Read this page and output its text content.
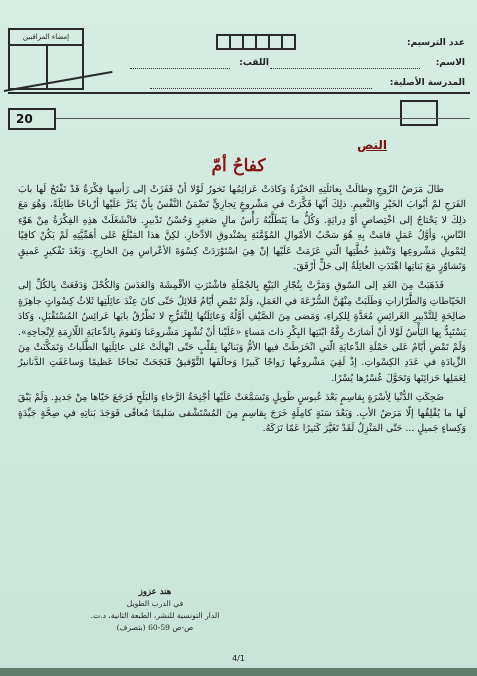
إمضاء المراقبين
عدد الترسيم:
الاسم:
اللقب:
المدرسة الأصلية:
20
النص
كفاحُ أمّ

طالَ مَرَضُ الزّوجِ وطالَتْ بِعائلَتِهِ الحَيْرَةُ وَكادَتْ عَزائِمُها تَخورُ لَوْلا أنْ قَفَزَتْ إلى رَأسِها فِكْرَةٌ قَدْ تَفْتَحُ لَها بابَ الفَرَجِ لمْ أبْوابَ الخَيْرِ وَالنَّعيمِ. ذلِكَ أنّها فَكَّرَتْ في مَشْروعٍ تِجارِيٍّ تَضْمَنُ النَّفْسُ بِأنْ يَدُرَّ عَلَيْها أرْباحًا طائِلَةً، وَهُوَ مَعَ ذلِكَ لا يَحْتاجُ إلى اخْتِصاصٍ أوْ دِرايَةٍ. وَكُلُّ ما يَتَطَلَّبُهُ رَأْسُ مالٍ صَغيرٍ وَحُسْنُ تَدْبيرٍ. فانْشَغَلَتْ هذِهِ الفِكْرَةُ مِنْ هَوْءِ النّاسِ، وَأوَّلُ عَمَلٍ قامَتْ بِهِ هُوَ سَحْبُ الأمْوالِ المُؤَمَّنَةِ بِصُنْدوقِ الادِّخارِ. لكِنَّ هذا المَبْلَغَ عَلى أهَمِّيَّتِهِ لَمْ يَكُنْ كافِيًا لِتَمْويلِ مَشْروعِها وَتَنْفيذِ خُطَّتِها الّتي عَزَمَتْ عَلَيْها إنْ هِيَ اسْتَوْرَدَتْ كِسْوَةَ الأعْراسِ مِنَ الخارِجِ. وَبَعْدَ تَفْكيرٍ عَميقٍ وَتَشاوُرٍ مَعَ بَناتِها اهْتَدَتِ العائِلَةُ إلى حَلٍّ أرْفَقَ.

فَذَهَبَتْ مِنَ الغَدِ إلى السّوقِ وَمَرَّتْ بِتُجّارِ البَيْعِ بِالجُمْلَةِ فاشْتَرَتِ الأقْمِشَةَ وَالعَدَسَ وَالكُحْلَ وَدَفَعَتْ بِالكُلِّ إلى الخَيّاطاتِ وَالطَّرّازاتِ وَطَلَبَتْ مِنْهُنَّ السُّرْعَةَ في العَمَلِ، وَلَمْ تَمْضِ أيّامٌ قَلائِلُ حَتّى كانَ عِنْدَ عائِلَتِها ثَلاثُ كِسْواتٍ جاهِزَةٍ صالِحَةٍ لِلتَّدْبيرِ الغَرائِسِ مُعَدَّةٍ لِلكِراءِ، وَمَضى مِنَ الصَّيْفِ أوَّلُهُ وَعائِلَتُها لِلتَّفَرُّجِ لا تَطْرُقُ بابَها عَرائِسُ المُسْتَقْبَلِ، وَكادَ يَسْتَبِدُّ بِها اليَأْسُ لَوْلا أنْ أشارَتْ رِقَّةُ ابْنَتِها البِكْرِ ذاتَ مَساءٍ «عَلَيْنا أنْ نُشْهِرَ مَشْروعَنا وَنَقومَ بِالدِّعايَةِ اللّازِمَةِ لِإنْجاحِهِ». وَلَمْ تَمْضِ أيّامٌ عَلى حَمْلَةِ الدِّعايَةِ الّتي انْخَرَطَتْ فيها الأمُّ وَبَناتُها بِقَلْبٍ حَتّى انْهالَتْ عَلى عائِلَتِها الطَّلَباتُ وَتَمَكَّنَتْ مِنَ الزِّيادَةِ في عَدَدِ الكِسْواتِ. إذْ لَقِيَ مَشْروعُها رَواجًا كَبيرًا وَحالَفَها التَّوْفيقُ فَنَجَحَتْ نَجاحًا عَظيمًا وَساعَفَتِ الدَّنانيرُ لِعَمَلِها حَزائِنَها وَتَحَوَّلَ عُسْرُها يُسْرًا.

ضَحِكَتِ الدُّنْيا لِأسْرَةٍ بِقاسِمٍ بَعْدَ عُبوسٍ طَويلٍ وَتَسَمَّعَتْ عَلَيْها أجْنِحَةُ الرَّخاءِ وَالبَلَحِ فَرَجَعَ حَيّاها مِنْ جَديدٍ. وَلَمْ يَبْقَ لَها ما يُقْلِقُها إلّا مَرَضُ الأبِ. وَبَعْدَ سَنَةٍ كامِلَةٍ خَرَجَ بِقاسِمٍ مِنَ المُسْتَشْفى سَليمًا مُعافًى فَوَجَدَ بَناتِهِ في صِحَّةٍ جَيِّدَةٍ وَكِساءٍ جَميلٍ ... حَتّى المَنْزِلُ لَقَدْ تَغَيَّرَ كَثيرًا عَمّا تَرَكَهُ.

هند عزوز
في الدرب الطويل
الدار التونسية للنشر، الطبعة الثانية، د.ت.
ص-ص 59-60 (بتصرف)
4/1
